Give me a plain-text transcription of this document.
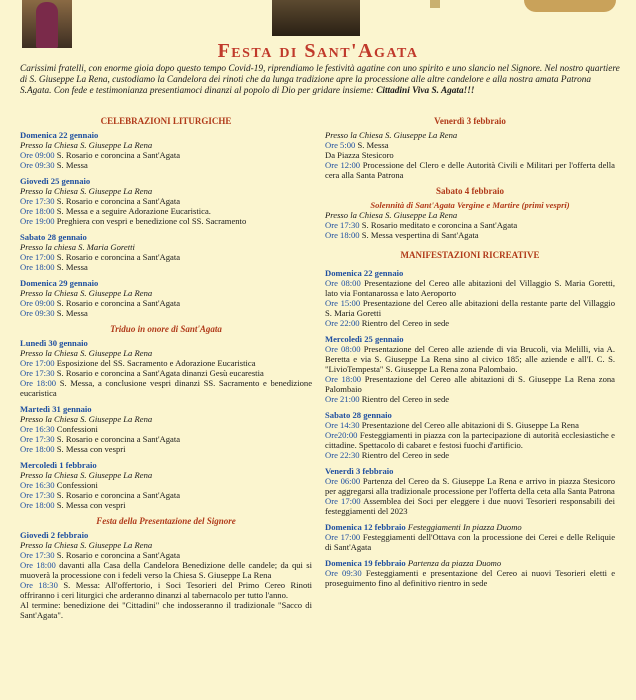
Festa di Sant'Agata
Carissimi fratelli, con enorme gioia dopo questo tempo Covid-19, riprendiamo le festività agatine con uno spirito e uno slancio nel Signore. Nel nostro quartiere di S. Giuseppe La Rena, custodiamo la Candelora dei rinoti che da lunga tradizione apre la processione alle altre candelore e alla nostra amata Patrona S.Agata. Con fede e testimonianza presentiamoci dinanzi al popolo di Dio per gridare insieme: Cittadini Viva S. Agata!!!
CELEBRAZIONI LITURGICHE
Domenica 22 gennaio
Presso la Chiesa S. Giuseppe La Rena
Ore 09:00 S. Rosario e coroncina a Sant'Agata
Ore 09:30 S. Messa
Giovedì 25 gennaio
Presso la Chiesa S. Giuseppe La Rena
Ore 17:30 S. Rosario e coroncina a Sant'Agata
Ore 18:00 S. Messa e a seguire Adorazione Eucaristica.
Ore 19:00 Preghiera con vespri e benedizione col SS. Sacramento
Sabato 28 gennaio
Presso la chiesa S. Maria Goretti
Ore 17:00 S. Rosario e coroncina a Sant'Agata
Ore 18:00 S. Messa
Domenica 29 gennaio
Presso la Chiesa S. Giuseppe La Rena
Ore 09:00 S. Rosario e coroncina a Sant'Agata
Ore 09:30 S. Messa
Triduo in onore di Sant'Agata
Lunedì 30 gennaio
Presso la Chiesa S. Giuseppe La Rena
Ore 17:00 Esposizione del SS. Sacramento e Adorazione Eucaristica
Ore 17:30 S. Rosario e coroncina a Sant'Agata dinanzi Gesù eucarestia
Ore 18:00 S. Messa, a conclusione vespri dinanzi SS. Sacramento e benedizione eucaristica
Martedì 31 gennaio
Presso la Chiesa S. Giuseppe La Rena
Ore 16:30 Confessioni
Ore 17:30 S. Rosario e coroncina a Sant'Agata
Ore 18:00 S. Messa con vespri
Mercoledì 1 febbraio
Presso la Chiesa S. Giuseppe La Rena
Ore 16:30 Confessioni
Ore 17:30 S. Rosario e coroncina a Sant'Agata
Ore 18:00 S. Messa con vespri
Festa della Presentazione del Signore
Giovedì 2 febbraio
Presso la Chiesa S. Giuseppe La Rena
Ore 17:30 S. Rosario e coroncina a Sant'Agata
Ore 18:00 davanti alla Casa della Candelora Benedizione delle candele; da qui si muoverà la processione con i fedeli verso la Chiesa S. Giuseppe La Rena
Ore 18:30 S. Messa: All'offertorio, i Soci Tesorieri del Primo Cereo Rinoti offriranno i ceri liturgici che arderanno dinanzi al tabernacolo per tutto l'anno.
Al termine: benedizione dei "Cittadini" che indosseranno il tradizionale "Sacco di Sant'Agata".
Venerdì 3 febbraio
Presso la Chiesa S. Giuseppe La Rena
Ore 5:00 S. Messa
Da Piazza Stesicoro
Ore 12:00 Processione del Clero e delle Autorità Civili e Militari per l'offerta della cera alla Santa Patrona
Sabato 4 febbraio
Solennità di Sant'Agata Vergine e Martire (primi vespri)
Presso la Chiesa S. Giuseppe La Rena
Ore 17:30 S. Rosario meditato e coroncina a Sant'Agata
Ore 18:00 S. Messa vespertina di Sant'Agata
MANIFESTAZIONI RICREATIVE
Domenica 22 gennaio
Ore 08:00 Presentazione del Cereo alle abitazioni del Villaggio S. Maria Goretti, lato via Fontanarossa e lato Aeroporto
Ore 15:00 Presentazione del Cereo alle abitazioni della restante parte del Villaggio S. Maria Goretti
Ore 22:00 Rientro del Cereo in sede
Mercoledì 25 gennaio
Ore 08:00 Presentazione del Cereo alle aziende di via Brucoli, via Melilli, via A. Beretta e via S. Giuseppe La Rena sino al civico 185; alle aziende e all'I. C. S. "LivioTempesta" S. Giuseppe La Rena zona Palombaio.
Ore 18:00 Presentazione del Cereo alle abitazioni di S. Giuseppe La Rena zona Palombaio
Ore 21:00 Rientro del Cereo in sede
Sabato 28 gennaio
Ore 14:30 Presentazione del Cereo alle abitazioni di S. Giuseppe La Rena
Ore20:00 Festeggiamenti in piazza con la partecipazione di autorità ecclesiastiche e cittadine. Spettacolo di cabaret e festosi fuochi d'artificio.
Ore 22:30 Rientro del Cereo in sede
Venerdì 3 febbraio
Ore 06:00 Partenza del Cereo da S. Giuseppe La Rena e arrivo in piazza Stesicoro per aggregarsi alla tradizionale processione per l'offerta della ceta alla Santa Patrona
Ore 17:00 Assemblea dei Soci per eleggere i due nuovi Tesorieri responsabili dei festeggiamenti del 2023
Domenica 12 febbraio Festeggiamenti In piazza Duomo
Ore 17:00 Festeggiamenti dell'Ottava con la processione dei Cerei e delle Reliquie di Sant'Agata
Domenica 19 febbraio Partenza da piazza Duomo
Ore 09:30 Festeggiamenti e presentazione del Cereo ai nuovi Tesorieri eletti e proseguimento fino al definitivo rientro in sede
